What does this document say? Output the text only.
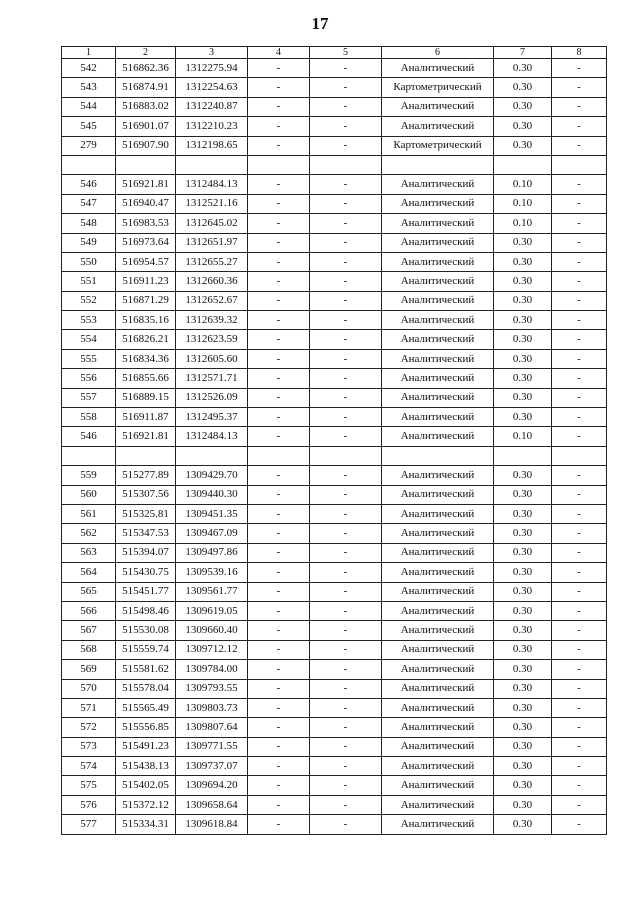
17
1	2	3	4	5	6	7	8
542	516862.36	1312275.94	-	-	Аналитический	0.30	-
543	516874.91	1312254.63	-	-	Картометрический	0.30	-
544	516883.02	1312240.87	-	-	Аналитический	0.30	-
545	516901.07	1312210.23	-	-	Аналитический	0.30	-
279	516907.90	1312198.65	-	-	Картометрический	0.30	-

546	516921.81	1312484.13	-	-	Аналитический	0.10	-
547	516940.47	1312521.16	-	-	Аналитический	0.10	-
548	516983.53	1312645.02	-	-	Аналитический	0.10	-
549	516973.64	1312651.97	-	-	Аналитический	0.30	-
550	516954.57	1312655.27	-	-	Аналитический	0.30	-
551	516911.23	1312660.36	-	-	Аналитический	0.30	-
552	516871.29	1312652.67	-	-	Аналитический	0.30	-
553	516835.16	1312639.32	-	-	Аналитический	0.30	-
554	516826.21	1312623.59	-	-	Аналитический	0.30	-
555	516834.36	1312605.60	-	-	Аналитический	0.30	-
556	516855.66	1312571.71	-	-	Аналитический	0.30	-
557	516889.15	1312526.09	-	-	Аналитический	0.30	-
558	516911.87	1312495.37	-	-	Аналитический	0.30	-
546	516921.81	1312484.13	-	-	Аналитический	0.10	-

559	515277.89	1309429.70	-	-	Аналитический	0.30	-
560	515307.56	1309440.30	-	-	Аналитический	0.30	-
561	515325.81	1309451.35	-	-	Аналитический	0.30	-
562	515347.53	1309467.09	-	-	Аналитический	0.30	-
563	515394.07	1309497.86	-	-	Аналитический	0.30	-
564	515430.75	1309539.16	-	-	Аналитический	0.30	-
565	515451.77	1309561.77	-	-	Аналитический	0.30	-
566	515498.46	1309619.05	-	-	Аналитический	0.30	-
567	515530.08	1309660.40	-	-	Аналитический	0.30	-
568	515559.74	1309712.12	-	-	Аналитический	0.30	-
569	515581.62	1309784.00	-	-	Аналитический	0.30	-
570	515578.04	1309793.55	-	-	Аналитический	0.30	-
571	515565.49	1309803.73	-	-	Аналитический	0.30	-
572	515556.85	1309807.64	-	-	Аналитический	0.30	-
573	515491.23	1309771.55	-	-	Аналитический	0.30	-
574	515438.13	1309737.07	-	-	Аналитический	0.30	-
575	515402.05	1309694.20	-	-	Аналитический	0.30	-
576	515372.12	1309658.64	-	-	Аналитический	0.30	-
577	515334.31	1309618.84	-	-	Аналитический	0.30	-
